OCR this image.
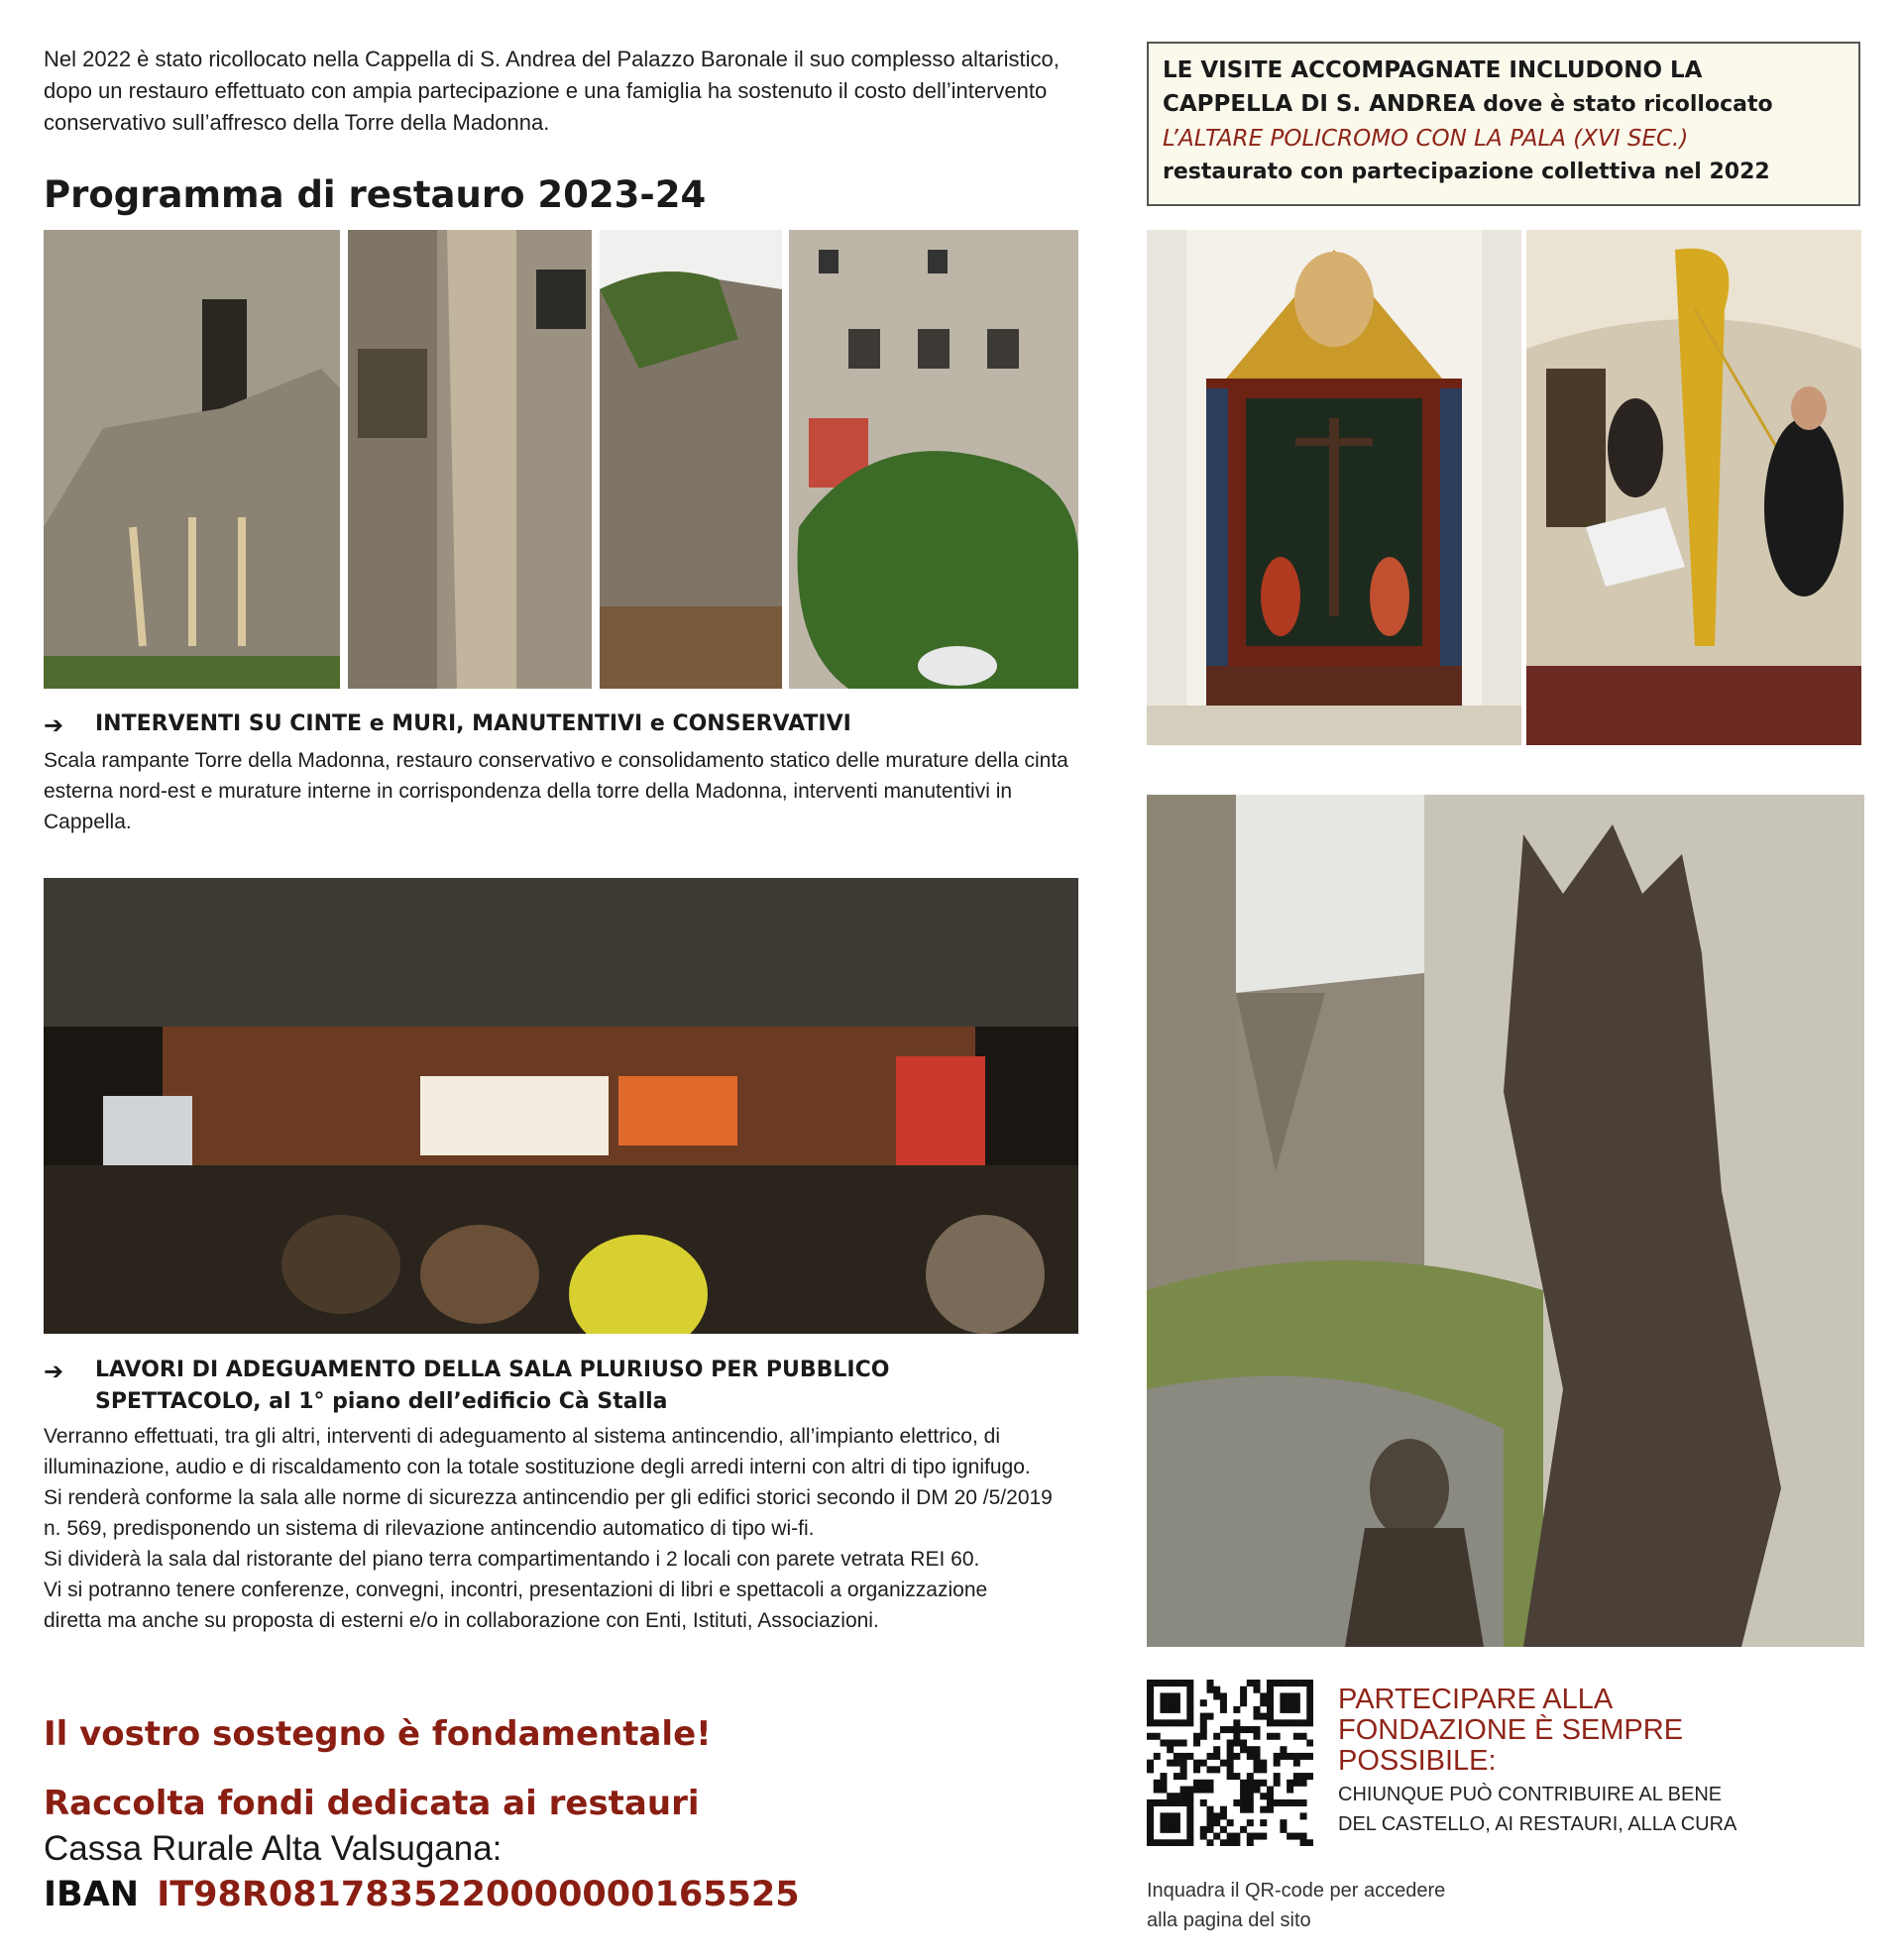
Nel 2022 è stato ricollocato nella Cappella di S. Andrea del Palazzo Baronale il suo complesso altaristico, dopo un restauro effettuato con ampia partecipazione e una famiglia ha sostenuto il costo dell’intervento conservativo sull’affresco della Torre della Madonna.
Programma di restauro 2023-24
➔ INTERVENTI SU CINTE e MURI, MANUTENTIVI e CONSERVATIVI
Scala rampante Torre della Madonna, restauro conservativo e consolidamento statico delle murature della cinta esterna nord-est e murature interne in corrispondenza della torre della Madonna, interventi manutentivi in Cappella.
➔ LAVORI DI ADEGUAMENTO DELLA SALA PLURIUSO PER PUBBLICO
SPETTACOLO, al 1° piano dell’edificio Cà Stalla
Verranno effettuati, tra gli altri, interventi di adeguamento al sistema antincendio, all’impianto elettrico, di
illuminazione, audio e di riscaldamento con la totale sostituzione degli arredi interni con altri di tipo ignifugo.
Si renderà conforme la sala alle norme di sicurezza antincendio per gli edifici storici secondo il DM 20 /5/2019
n. 569, predisponendo un sistema di rilevazione antincendio automatico di tipo wi-fi.
Si dividerà la sala dal ristorante del piano terra compartimentando i 2 locali con parete vetrata REI 60.
Vi si potranno tenere conferenze, convegni, incontri, presentazioni di libri e spettacoli a organizzazione
diretta ma anche su proposta di esterni e/o in collaborazione con Enti, Istituti, Associazioni.
Il vostro sostegno è fondamentale!
Raccolta fondi dedicata ai restauri
Cassa Rurale Alta Valsugana:
IBAN IT98R0817835220000000165525
LE VISITE ACCOMPAGNATE INCLUDONO LA
CAPPELLA DI S. ANDREA dove è stato ricollocato
L’ALTARE POLICROMO CON LA PALA (XVI SEC.)
restaurato con partecipazione collettiva nel 2022
PARTECIPARE ALLA
FONDAZIONE È SEMPRE
POSSIBILE:
CHIUNQUE PUÒ CONTRIBUIRE AL BENE
DEL CASTELLO, AI RESTAURI, ALLA CURA
Inquadra il QR-code per accedere
alla pagina del sito
